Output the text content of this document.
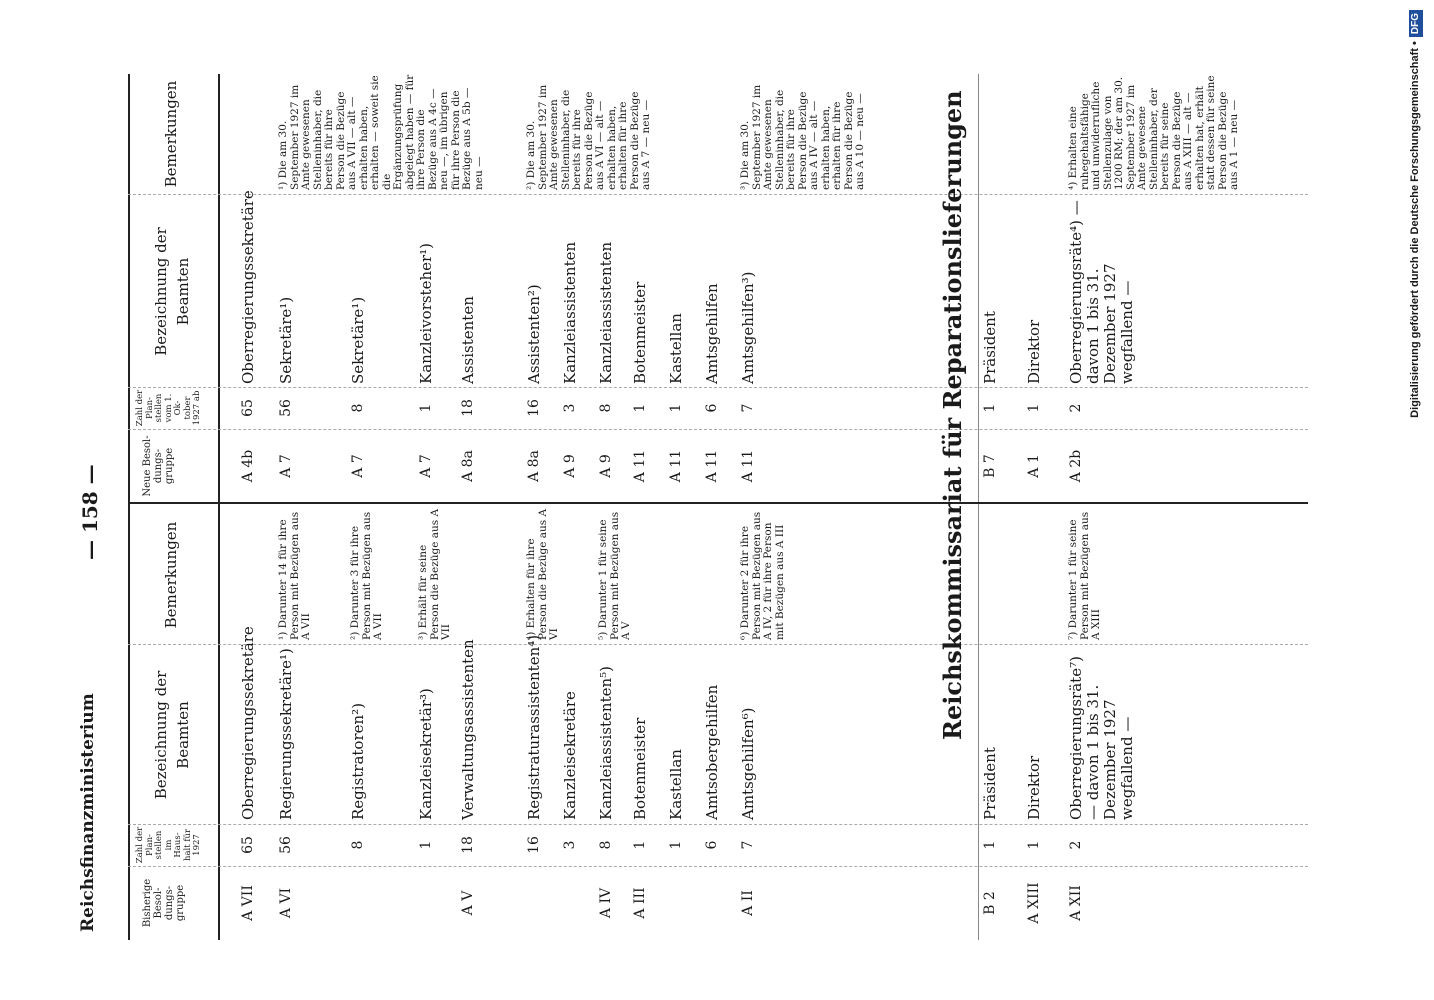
Reichsfinanzministerium
— 158 —
Bisherige Besol- dungs- gruppe
Zahl der Plan- stellen im Haus- halt für 1927
Bezeichnung der Beamten
Bemerkungen
Neue Besol- dungs- gruppe
Zahl der Plan- stellen vom 1. Ok- tober 1927 ab
Bezeichnung der Beamten
Bemerkungen
A VII
65
Oberregierungssekretäre
A VI
56
Regierungssekretäre¹)
¹) Darunter 14 für ihre Person mit Bezügen aus A VII
8
Registratoren²)
²) Darunter 3 für ihre Person mit Bezügen aus A VII
1
Kanzleisekretär³)
³) Erhält für seine Person die Bezüge aus A VII
A V
18
Verwaltungsassistenten
16
Registraturassistenten⁴)
⁴) Erhalten für ihre Person die Bezüge aus A VI
3
Kanzleisekretäre
A IV
8
Kanzleiassistenten⁵)
⁵) Darunter 1 für seine Person mit Bezügen aus A V
A III
1
Botenmeister
1
Kastellan
6
Amtsobergehilfen
A II
7
Amtsgehilfen⁶)
⁶) Darunter 2 für ihre Person mit Bezügen aus A IV, 2 für ihre Person mit Bezügen aus A III
A 4b
65
Oberregierungssekretäre
A 7
56
Sekretäre¹)
¹) Die am 30. September 1927 im Amte gewesenen Stelleninhaber, die bereits für ihre Person die Bezüge aus A VII — alt — erhalten haben, erhalten — soweit sie die Ergänzungsprüfung abgelegt haben — für ihre Person die Bezüge aus A 4c — neu —, im übrigen für ihre Person die Bezüge aus A 5b — neu —
A 7
8
Sekretäre¹)
A 7
1
Kanzleivorsteher¹)
A 8a
18
Assistenten
A 8a
16
Assistenten²)
²) Die am 30. September 1927 im Amte gewesenen Stelleninhaber, die bereits für ihre Person die Bezüge aus A VI — alt — erhalten haben, erhalten für ihre Person die Bezüge aus A 7 — neu —
A 9
3
Kanzleiassistenten
A 9
8
Kanzleiassistenten
A 11
1
Botenmeister
A 11
1
Kastellan
A 11
6
Amtsgehilfen
A 11
7
Amtsgehilfen³)
³) Die am 30. September 1927 im Amte gewesenen Stelleninhaber, die bereits für ihre Person die Bezüge aus A IV — alt — erhalten haben, erhalten für ihre Person die Bezüge aus A 10 — neu —	Reichskommissariat für Reparationslieferungen
B 2
1
Präsident
A XIII
1
Direktor
A XII
2
Oberregierungsräte⁷) — davon 1 bis 31. Dezember 1927 wegfallend —
⁷) Darunter 1 für seine Person mit Bezügen aus A XIII
B 7
1
Präsident
A 1
1
Direktor
A 2b
2
Oberregierungsräte⁴) — davon 1 bis 31. Dezember 1927 wegfallend —
⁴) Erhalten eine ruhegehaltsfähige und unwiderrufliche Stellenzulage von 1200 RM; der am 30. September 1927 im Amte gewesene Stelleninhaber, der bereits für seine Person die Bezüge aus A XIII — alt — erhalten hat, erhält statt dessen für seine Person die Bezüge aus A 1 — neu —	Digitalisierung gefördert durch die Deutsche Forschungsgemeinschaft •DFG
